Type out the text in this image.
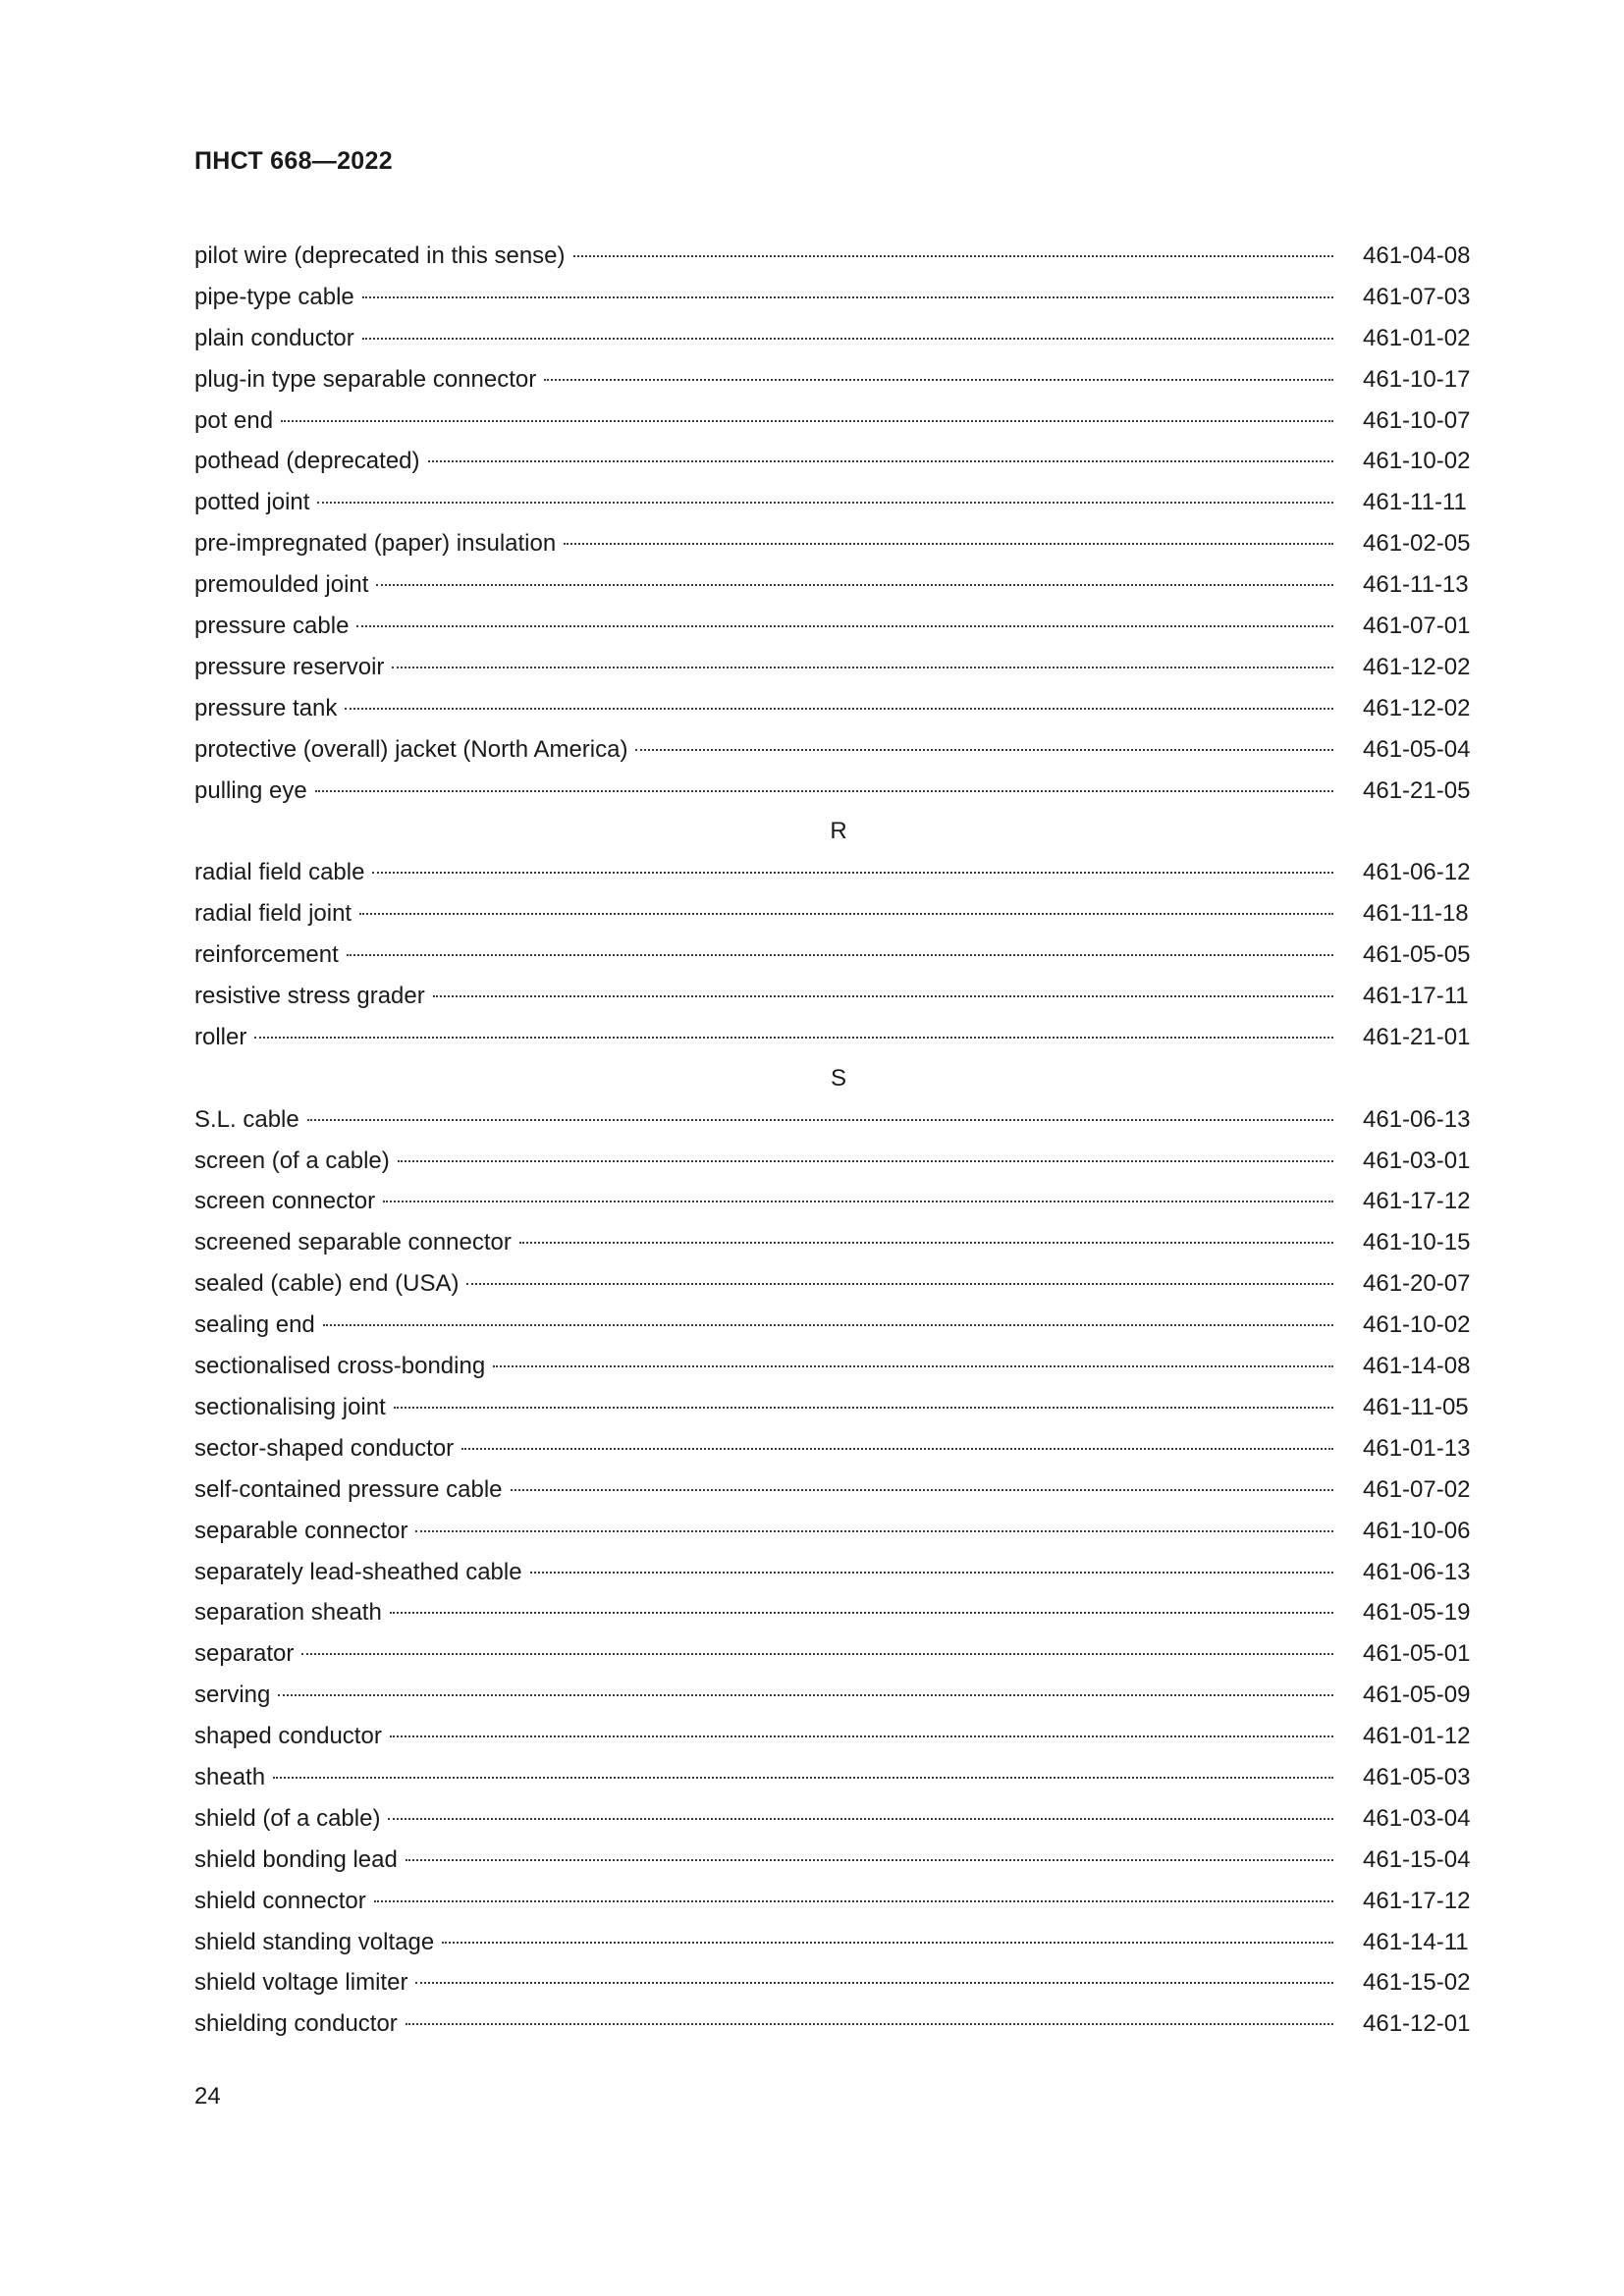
ПНСТ 668—2022
pilot wire (deprecated in this sense)	461-04-08
pipe-type cable	461-07-03
plain conductor	461-01-02
plug-in type separable connector	461-10-17
pot end	461-10-07
pothead (deprecated)	461-10-02
potted joint	461-11-11
pre-impregnated (paper) insulation	461-02-05
premoulded joint	461-11-13
pressure cable	461-07-01
pressure reservoir	461-12-02
pressure tank	461-12-02
protective (overall) jacket (North America)	461-05-04
pulling eye	461-21-05
R
radial field cable	461-06-12
radial field joint	461-11-18
reinforcement	461-05-05
resistive stress grader	461-17-11
roller	461-21-01
S
S.L. cable	461-06-13
screen (of a cable)	461-03-01
screen connector	461-17-12
screened separable connector	461-10-15
sealed (cable) end (USA)	461-20-07
sealing end	461-10-02
sectionalised cross-bonding	461-14-08
sectionalising joint	461-11-05
sector-shaped conductor	461-01-13
self-contained pressure cable	461-07-02
separable connector	461-10-06
separately lead-sheathed cable	461-06-13
separation sheath	461-05-19
separator	461-05-01
serving	461-05-09
shaped conductor	461-01-12
sheath	461-05-03
shield (of a cable)	461-03-04
shield bonding lead	461-15-04
shield connector	461-17-12
shield standing voltage	461-14-11
shield voltage limiter	461-15-02
shielding conductor	461-12-01
24
